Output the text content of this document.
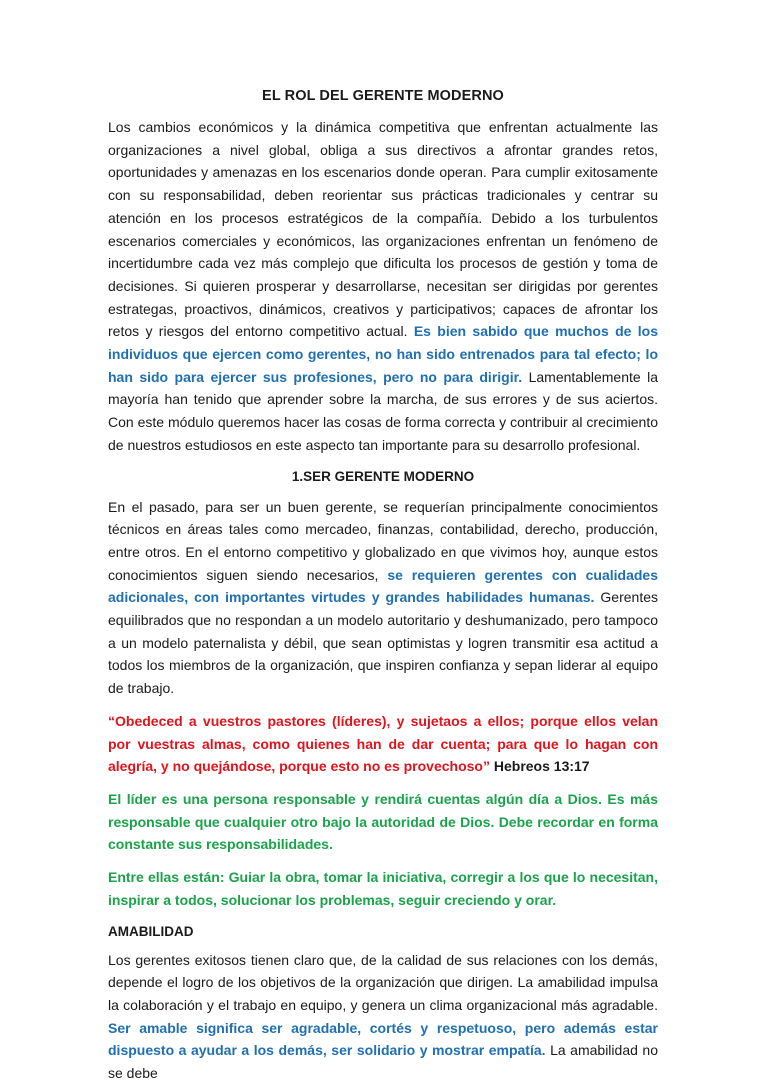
EL ROL DEL GERENTE MODERNO

Los cambios económicos y la dinámica competitiva que enfrentan actualmente las organizaciones a nivel global, obliga a sus directivos a afrontar grandes retos, oportunidades y amenazas en los escenarios donde operan. Para cumplir exitosamente con su responsabilidad, deben reorientar sus prácticas tradicionales y centrar su atención en los procesos estratégicos de la compañía. Debido a los turbulentos escenarios comerciales y económicos, las organizaciones enfrentan un fenómeno de incertidumbre cada vez más complejo que dificulta los procesos de gestión y toma de decisiones. Si quieren prosperar y desarrollarse, necesitan ser dirigidas por gerentes estrategas, proactivos, dinámicos, creativos y participativos; capaces de afrontar los retos y riesgos del entorno competitivo actual. Es bien sabido que muchos de los individuos que ejercen como gerentes, no han sido entrenados para tal efecto; lo han sido para ejercer sus profesiones, pero no para dirigir. Lamentablemente la mayoría han tenido que aprender sobre la marcha, de sus errores y de sus aciertos. Con este módulo queremos hacer las cosas de forma correcta y contribuir al crecimiento de nuestros estudiosos en este aspecto tan importante para su desarrollo profesional.

1.SER GERENTE MODERNO

En el pasado, para ser un buen gerente, se requerían principalmente conocimientos técnicos en áreas tales como mercadeo, finanzas, contabilidad, derecho, producción, entre otros. En el entorno competitivo y globalizado en que vivimos hoy, aunque estos conocimientos siguen siendo necesarios, se requieren gerentes con cualidades adicionales, con importantes virtudes y grandes habilidades humanas. Gerentes equilibrados que no respondan a un modelo autoritario y deshumanizado, pero tampoco a un modelo paternalista y débil, que sean optimistas y logren transmitir esa actitud a todos los miembros de la organización, que inspiren confianza y sepan liderar al equipo de trabajo.

“Obedeced a vuestros pastores (líderes), y sujetaos a ellos; porque ellos velan por vuestras almas, como quienes han de dar cuenta; para que lo hagan con alegría, y no quejándose, porque esto no es provechoso” Hebreos 13:17

El líder es una persona responsable y rendirá cuentas algún día a Dios. Es más responsable que cualquier otro bajo la autoridad de Dios. Debe recordar en forma constante sus responsabilidades.

Entre ellas están: Guiar la obra, tomar la iniciativa, corregir a los que lo necesitan, inspirar a todos, solucionar los problemas, seguir creciendo y orar.

AMABILIDAD

Los gerentes exitosos tienen claro que, de la calidad de sus relaciones con los demás, depende el logro de los objetivos de la organización que dirigen. La amabilidad impulsa la colaboración y el trabajo en equipo, y genera un clima organizacional más agradable. Ser amable significa ser agradable, cortés y respetuoso, pero además estar dispuesto a ayudar a los demás, ser solidario y mostrar empatía. La amabilidad no se debe
